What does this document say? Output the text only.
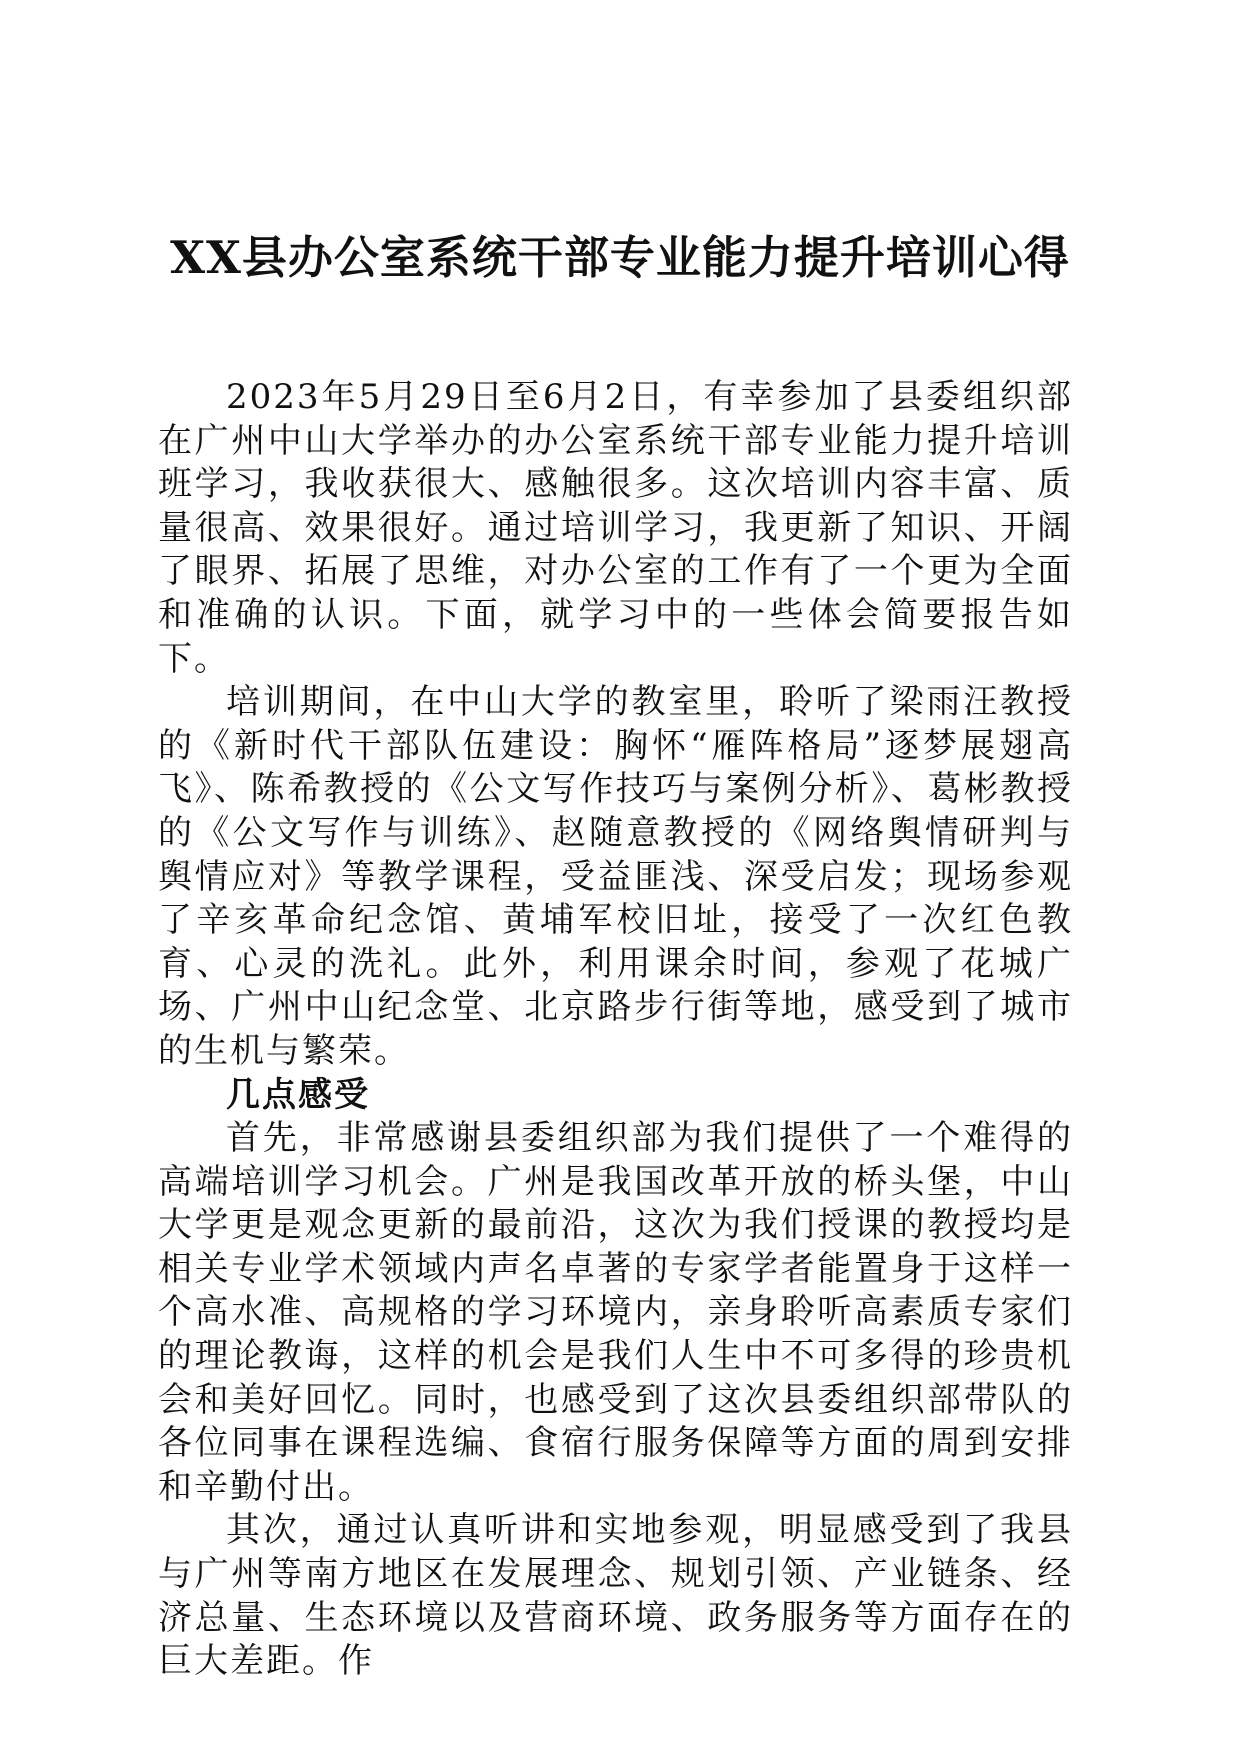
XX县办公室系统干部专业能力提升培训心得

2023年5月29日至6月2日，有幸参加了县委组织部在广州中山大学举办的办公室系统干部专业能力提升培训班学习，我收获很大、感触很多。这次培训内容丰富、质量很高、效果很好。通过培训学习，我更新了知识、开阔了眼界、拓展了思维，对办公室的工作有了一个更为全面和准确的认识。下面，就学习中的一些体会简要报告如下。

培训期间，在中山大学的教室里，聆听了梁雨汪教授的《新时代干部队伍建设：胸怀“雁阵格局”逐梦展翅高飞》、陈希教授的《公文写作技巧与案例分析》、葛彬教授的《公文写作与训练》、赵随意教授的《网络舆情研判与舆情应对》等教学课程，受益匪浅、深受启发；现场参观了辛亥革命纪念馆、黄埔军校旧址，接受了一次红色教育、心灵的洗礼。此外，利用课余时间，参观了花城广场、广州中山纪念堂、北京路步行街等地，感受到了城市的生机与繁荣。

几点感受

首先，非常感谢县委组织部为我们提供了一个难得的高端培训学习机会。广州是我国改革开放的桥头堡，中山大学更是观念更新的最前沿，这次为我们授课的教授均是相关专业学术领域内声名卓著的专家学者能置身于这样一个高水准、高规格的学习环境内，亲身聆听高素质专家们的理论教诲，这样的机会是我们人生中不可多得的珍贵机会和美好回忆。同时，也感受到了这次县委组织部带队的各位同事在课程选编、食宿行服务保障等方面的周到安排和辛勤付出。

其次，通过认真听讲和实地参观，明显感受到了我县与广州等南方地区在发展理念、规划引领、产业链条、经济总量、生态环境以及营商环境、政务服务等方面存在的巨大差距。作
